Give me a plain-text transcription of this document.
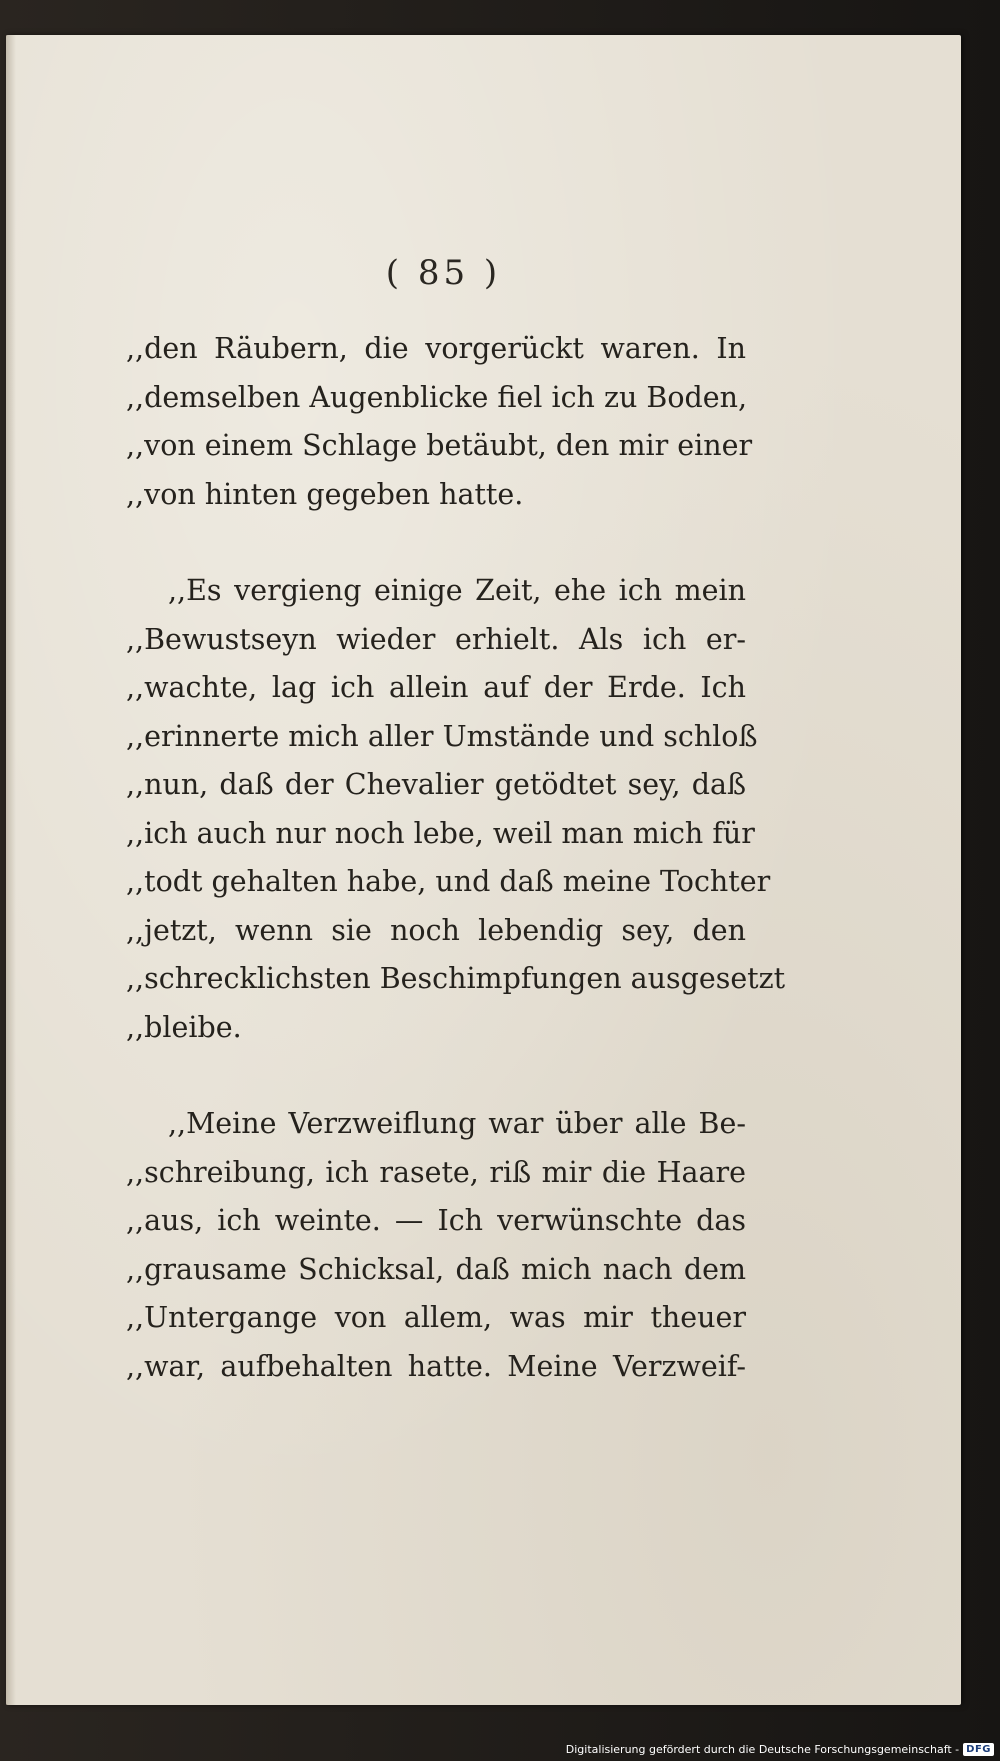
( 85 )
,,den Räubern, die vorgerückt waren. In
,,demselben Augenblicke fiel ich zu Boden,
,,von einem Schlage betäubt, den mir einer
,,von hinten gegeben hatte.
,,Es vergieng einige Zeit, ehe ich mein
,,Bewustseyn wieder erhielt. Als ich er-
,,wachte, lag ich allein auf der Erde. Ich
,,erinnerte mich aller Umstände und schloß
,,nun, daß der Chevalier getödtet sey, daß
,,ich auch nur noch lebe, weil man mich für
,,todt gehalten habe, und daß meine Tochter
,,jetzt, wenn sie noch lebendig sey, den
,,schrecklichsten Beschimpfungen ausgesetzt
,,bleibe.
,,Meine Verzweiflung war über alle Be-
,,schreibung, ich rasete, riß mir die Haare
,,aus, ich weinte. — Ich verwünschte das
,,grausame Schicksal, daß mich nach dem
,,Untergange von allem, was mir theuer
,,war, aufbehalten hatte. Meine Verzweif-
Digitalisierung gefördert durch die Deutsche Forschungsgemeinschaft - DFG
